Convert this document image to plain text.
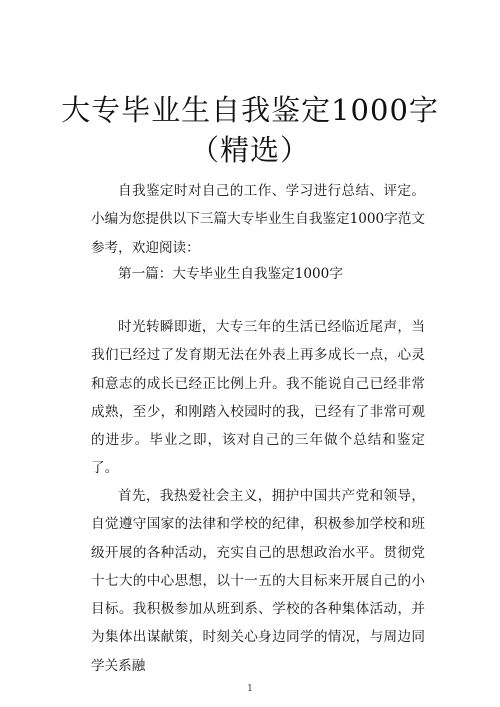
大专毕业生自我鉴定1000字（精选）

自我鉴定时对自己的工作、学习进行总结、评定。小编为您提供以下三篇大专毕业生自我鉴定1000字范文参考，欢迎阅读：

第一篇：大专毕业生自我鉴定1000字

时光转瞬即逝，大专三年的生活已经临近尾声，当我们已经过了发育期无法在外表上再多成长一点，心灵和意志的成长已经正比例上升。我不能说自己已经非常成熟，至少，和刚踏入校园时的我，已经有了非常可观的进步。毕业之即，该对自己的三年做个总结和鉴定了。

首先，我热爱社会主义，拥护中国共产党和领导，自觉遵守国家的法律和学校的纪律，积极参加学校和班级开展的各种活动，充实自己的思想政治水平。贯彻党十七大的中心思想，以十一五的大目标来开展自己的小目标。我积极参加从班到系、学校的各种集体活动，并为集体出谋献策，时刻关心身边同学的情况，与周边同学关系融

1
